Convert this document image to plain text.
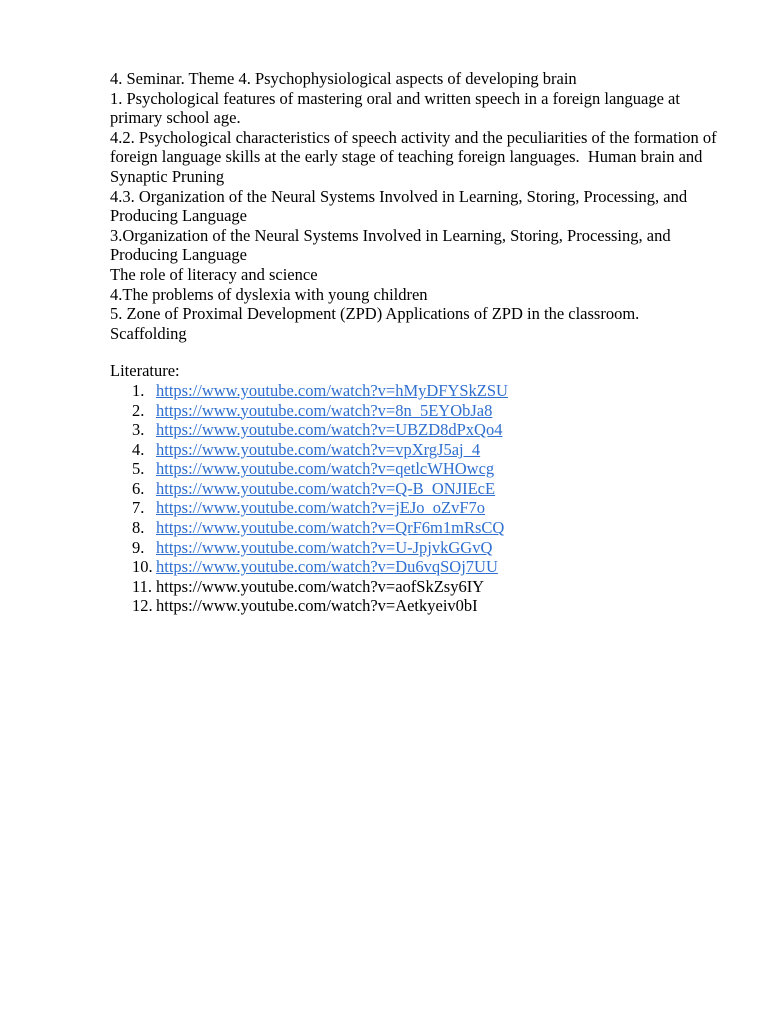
4. Seminar. Theme 4. Psychophysiological aspects of developing brain

1. Psychological features of mastering oral and written speech in a foreign language at primary school age.

4.2. Psychological characteristics of speech activity and the peculiarities of the formation of foreign language skills at the early stage of teaching foreign languages.  Human brain and Synaptic Pruning

4.3. Organization of the Neural Systems Involved in Learning, Storing, Processing, and Producing Language

3.Organization of the Neural Systems Involved in Learning, Storing, Processing, and Producing Language

The role of literacy and science

4.The problems of dyslexia with young children

5. Zone of Proximal Development (ZPD) Applications of ZPD in the classroom. Scaffolding

Literature:

1. https://www.youtube.com/watch?v=hMyDFYSkZSU
2. https://www.youtube.com/watch?v=8n_5EYObJa8
3. https://www.youtube.com/watch?v=UBZD8dPxQo4
4. https://www.youtube.com/watch?v=vpXrgJ5aj_4
5. https://www.youtube.com/watch?v=qetlcWHOwcg
6. https://www.youtube.com/watch?v=Q-B_ONJIEcE
7. https://www.youtube.com/watch?v=jEJo_oZvF7o
8. https://www.youtube.com/watch?v=QrF6m1mRsCQ
9. https://www.youtube.com/watch?v=U-JpjvkGGvQ
10. https://www.youtube.com/watch?v=Du6vqSOj7UU
11. https://www.youtube.com/watch?v=aofSkZsy6IY
12. https://www.youtube.com/watch?v=Aetkyeiv0bI
